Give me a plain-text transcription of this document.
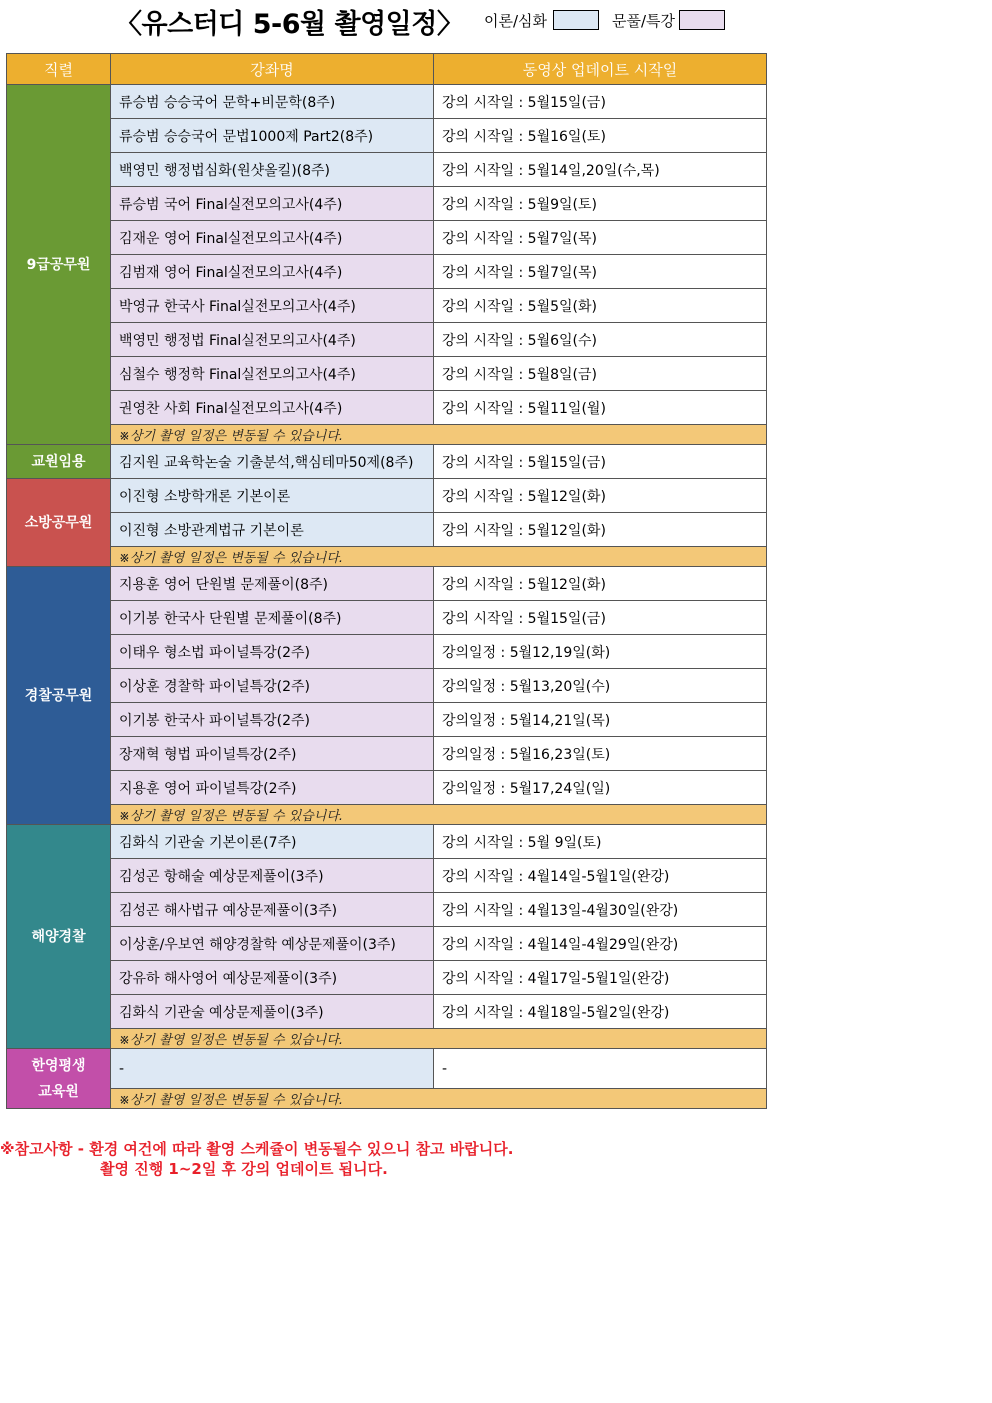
〈유스터디 5-6월 촬영일정〉 이론/심화	문풀/특강
직렬	강좌명	동영상 업데이트 시작일
9급공무원	류승범 승승국어 문학+비문학(8주)	강의 시작일 : 5월15일(금)
	류승범 승승국어 문법1000제 Part2(8주)	강의 시작일 : 5월16일(토)
	백영민 행정법심화(원샷올킬)(8주)	강의 시작일 : 5월14일,20일(수,목)
	류승범 국어 Final실전모의고사(4주)	강의 시작일 : 5월9일(토)
	김재운 영어 Final실전모의고사(4주)	강의 시작일 : 5월7일(목)
	김범재 영어 Final실전모의고사(4주)	강의 시작일 : 5월7일(목)
	박영규 한국사 Final실전모의고사(4주)	강의 시작일 : 5월5일(화)
	백영민 행정법 Final실전모의고사(4주)	강의 시작일 : 5월6일(수)
	심철수 행정학 Final실전모의고사(4주)	강의 시작일 : 5월8일(금)
	권영찬 사회 Final실전모의고사(4주)	강의 시작일 : 5월11일(월)
	※상기 촬영 일정은 변동될 수 있습니다.	
교원임용	김지원 교육학논술 기출분석,핵심테마50제(8주)	강의 시작일 : 5월15일(금)
소방공무원	이진형 소방학개론 기본이론	강의 시작일 : 5월12일(화)
	이진형 소방관계법규 기본이론	강의 시작일 : 5월12일(화)
	※상기 촬영 일정은 변동될 수 있습니다.	
경찰공무원	지용훈 영어 단원별 문제풀이(8주)	강의 시작일 : 5월12일(화)
	이기봉 한국사 단원별 문제풀이(8주)	강의 시작일 : 5월15일(금)
	이태우 형소법 파이널특강(2주)	강의일정 : 5월12,19일(화)
	이상훈 경찰학 파이널특강(2주)	강의일정 : 5월13,20일(수)
	이기봉 한국사 파이널특강(2주)	강의일정 : 5월14,21일(목)
	장재혁 형법 파이널특강(2주)	강의일정 : 5월16,23일(토)
	지용훈 영어 파이널특강(2주)	강의일정 : 5월17,24일(일)
	※상기 촬영 일정은 변동될 수 있습니다.	
해양경찰	김화식 기관술 기본이론(7주)	강의 시작일 : 5월 9일(토)
	김성곤 항해술 예상문제풀이(3주)	강의 시작일 : 4월14일-5월1일(완강)
	김성곤 해사법규 예상문제풀이(3주)	강의 시작일 : 4월13일-4월30일(완강)
	이상훈/우보연 해양경찰학 예상문제풀이(3주)	강의 시작일 : 4월14일-4월29일(완강)
	강유하 해사영어 예상문제풀이(3주)	강의 시작일 : 4월17일-5월1일(완강)
	김화식 기관술 예상문제풀이(3주)	강의 시작일 : 4월18일-5월2일(완강)
	※상기 촬영 일정은 변동될 수 있습니다.	

한영평생
교육원	-	-
	※상기 촬영 일정은 변동될 수 있습니다.	
※참고사항 - 환경 여건에 따라 촬영 스케쥴이 변동될수 있으니 참고 바랍니다.
촬영 진행 1~2일 후 강의 업데이트 됩니다.
